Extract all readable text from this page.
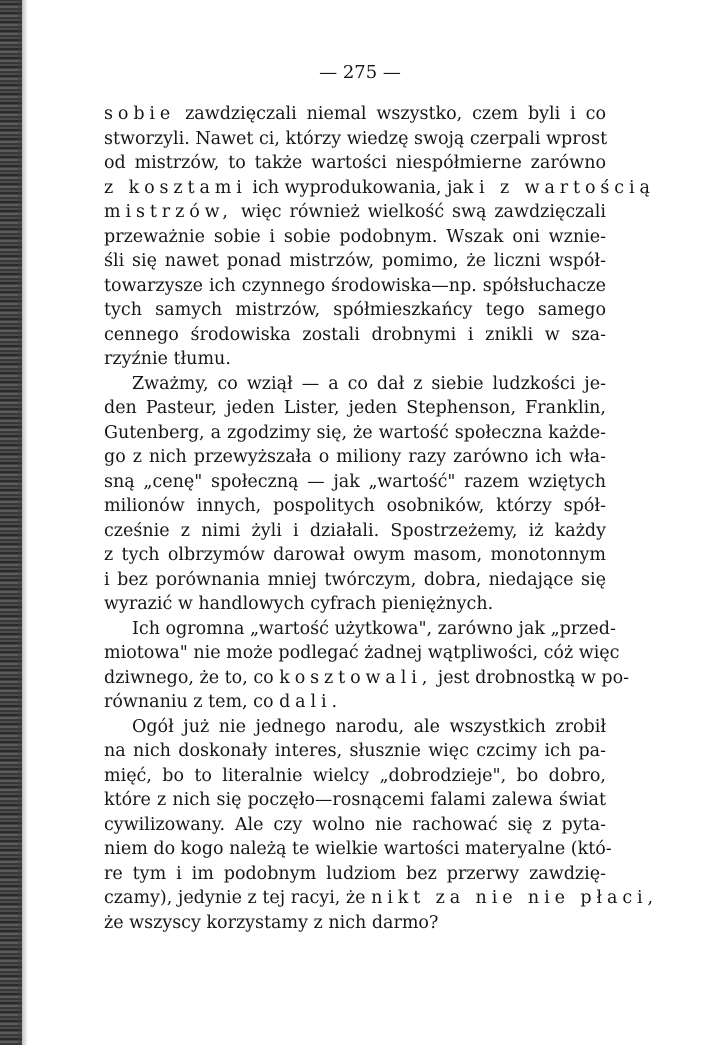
— 275 —
sobie zawdzięczali niemal wszystko, czem byli i co
stworzyli. Nawet ci, którzy wiedzę swoją czerpali wprost
od mistrzów, to także wartości niespółmierne zarówno
z kosztami ich wyprodukowania, jak i z wartością
mistrzów, więc również wielkość swą zawdzięczali
przeważnie sobie i sobie podobnym. Wszak oni wznie-
śli się nawet ponad mistrzów, pomimo, że liczni współ-
towarzysze ich czynnego środowiska—np. spółsłuchacze
tych samych mistrzów, spółmieszkańcy tego samego
cennego środowiska zostali drobnymi i znikli w sza-
rzyźnie tłumu.
Zważmy, co wziął — a co dał z siebie ludzkości je-
den Pasteur, jeden Lister, jeden Stephenson, Franklin,
Gutenberg, a zgodzimy się, że wartość społeczna każde-
go z nich przewyższała o miliony razy zarówno ich wła-
sną „cenę" społeczną — jak „wartość" razem wziętych
milionów innych, pospolitych osobników, którzy spół-
cześnie z nimi żyli i działali. Spostrzeżemy, iż każdy
z tych olbrzymów darował owym masom, monotonnym
i bez porównania mniej twórczym, dobra, niedające się
wyrazić w handlowych cyfrach pieniężnych.
Ich ogromna „wartość użytkowa", zarówno jak „przed-
miotowa" nie może podlegać żadnej wątpliwości, cóż więc
dziwnego, że to, co kosztowali, jest drobnostką w po-
równaniu z tem, co dali.
Ogół już nie jednego narodu, ale wszystkich zrobił
na nich doskonały interes, słusznie więc czcimy ich pa-
mięć, bo to literalnie wielcy „dobrodzieje", bo dobro,
które z nich się poczęło—rosnącemi falami zalewa świat
cywilizowany. Ale czy wolno nie rachować się z pyta-
niem do kogo należą te wielkie wartości materyalne (któ-
re tym i im podobnym ludziom bez przerwy zawdzię-
czamy), jedynie z tej racyi, że nikt za nie nie płaci,
że wszyscy korzystamy z nich darmo?
